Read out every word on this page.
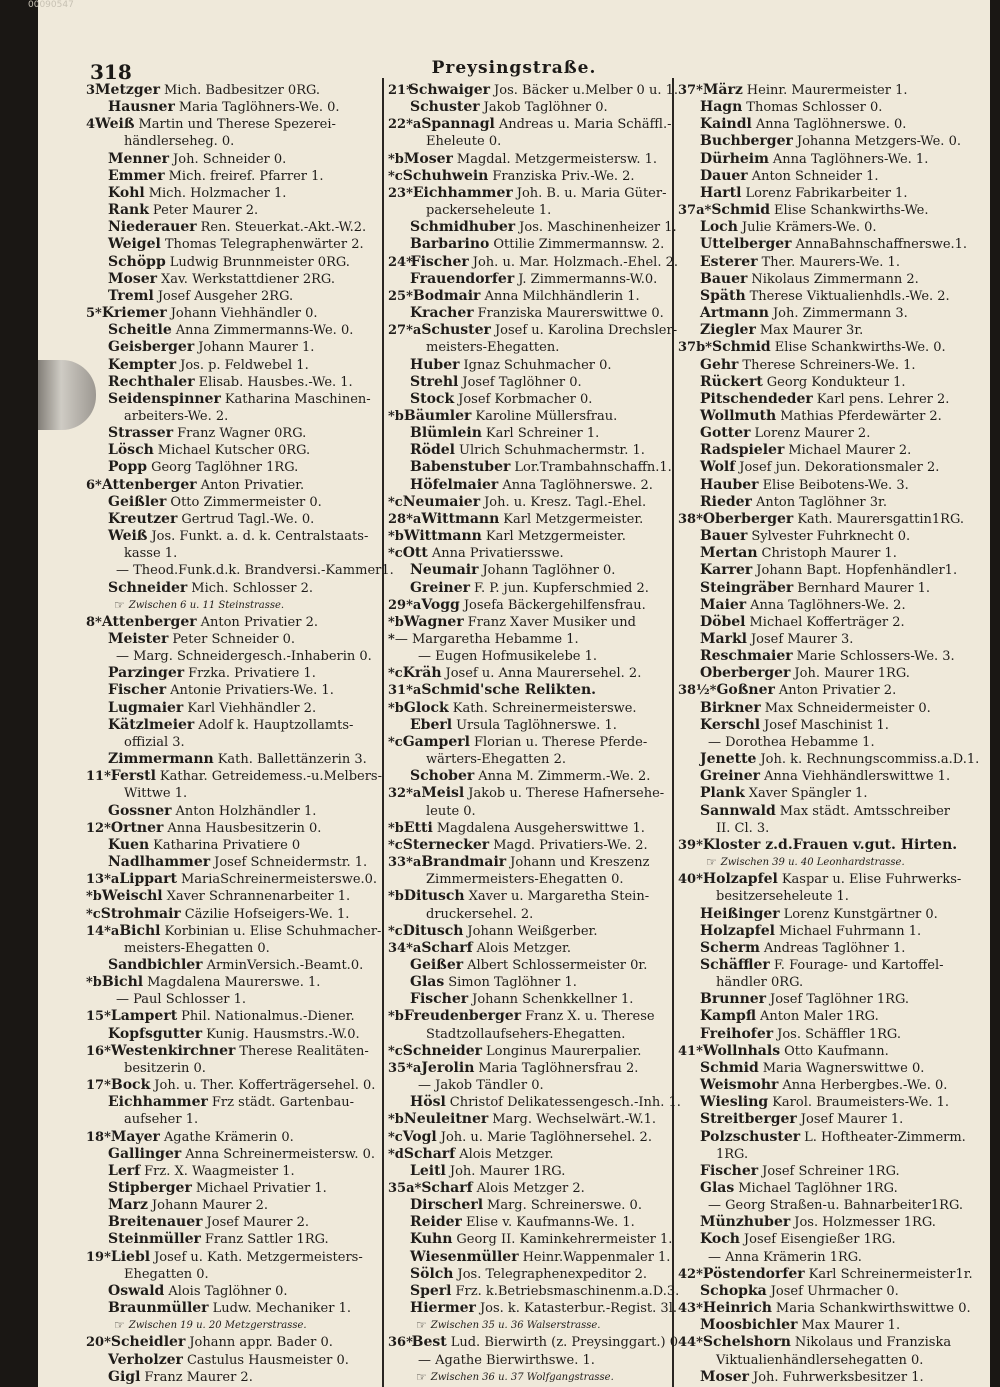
00090547
318	Preysingstraße.
3 Metzger Mich. Badbesitzer 0RG.
Hausner Maria Taglöhners-We. 0.
4 Weiß Martin und Therese Spezerei-
händlerseheg. 0.
Menner Joh. Schneider 0.
Emmer Mich. freiref. Pfarrer 1.
Kohl Mich. Holzmacher 1.
Rank Peter Maurer 2.
Niederauer Ren. Steuerkat.-Akt.-W.2.
Weigel Thomas Telegraphenwärter 2.
Schöpp Ludwig Brunnmeister 0RG.
Moser Xav. Werkstattdiener 2RG.
Treml Josef Ausgeher 2RG.
5* Kriemer Johann Viehhändler 0.
Scheitle Anna Zimmermanns-We. 0.
Geisberger Johann Maurer 1.
Kempter Jos. p. Feldwebel 1.
Rechthaler Elisab. Hausbes.-We. 1.
Seidenspinner Katharina Maschinen-
arbeiters-We. 2.
Strasser Franz Wagner 0RG.
Lösch Michael Kutscher 0RG.
Popp Georg Taglöhner 1RG.
6* Attenberger Anton Privatier.
Geißler Otto Zimmermeister 0.
Kreutzer Gertrud Tagl.-We. 0.
Weiß Jos. Funkt. a. d. k. Centralstaats-
kasse 1.
— Theod.Funk.d.k. Brandversi.-Kammer1.
Schneider Mich. Schlosser 2.
☞ Zwischen 6 u. 11 Steinstrasse.
8* Attenberger Anton Privatier 2.
Meister Peter Schneider 0.
— Marg. Schneidergesch.-Inhaberin 0.
Parzinger Frzka. Privatiere 1.
Fischer Antonie Privatiers-We. 1.
Lugmaier Karl Viehhändler 2.
Kätzlmeier Adolf k. Hauptzollamts-
offizial 3.
Zimmermann Kath. Ballettänzerin 3.
11* Ferstl Kathar. Getreidemess.-u.Melbers-
Wittwe 1.
Gossner Anton Holzhändler 1.
12* Ortner Anna Hausbesitzerin 0.
Kuen Katharina Privatiere 0
Nadlhammer Josef Schneidermstr. 1.
13*a Lippart MariaSchreinermeisterswe.0.
*b Weischl Xaver Schrannenarbeiter 1.
*c Strohmair Cäzilie Hofseigers-We. 1.
14*a Bichl Korbinian u. Elise Schuhmacher-
meisters-Ehegatten 0.
Sandbichler ArminVersich.-Beamt.0.
*b Bichl Magdalena Maurerswe. 1.
— Paul Schlosser 1.
15* Lampert Phil. Nationalmus.-Diener.
Kopfsgutter Kunig. Hausmstrs.-W.0.
16* Westenkirchner Therese Realitäten-
besitzerin 0.
17* Bock Joh. u. Ther. Kofferträgersehel. 0.
Eichhammer Frz städt. Gartenbau-
aufseher 1.
18* Mayer Agathe Krämerin 0.
Gallinger Anna Schreinermeistersw. 0.
Lerf Frz. X. Waagmeister 1.
Stipberger Michael Privatier 1.
Marz Johann Maurer 2.
Breitenauer Josef Maurer 2.
Steinmüller Franz Sattler 1RG.
19* Liebl Josef u. Kath. Metzgermeisters-
Ehegatten 0.
Oswald Alois Taglöhner 0.
Braunmüller Ludw. Mechaniker 1.
☞ Zwischen 19 u. 20 Metzgerstrasse.
20* Scheidler Johann appr. Bader 0.
Verholzer Castulus Hausmeister 0.
Gigl Franz Maurer 2.
21*
Schwaiger Jos. Bäcker u.Melber 0 u. 1.
Schuster Jakob Taglöhner 0.
22*a Spannagl Andreas u. Maria Schäffl.-
Eheleute 0.
*b Moser Magdal. Metzgermeistersw. 1.
*c Schuhwein Franziska Priv.-We. 2.
23* Eichhammer Joh. B. u. Maria Güter-
packerseheleute 1.
Schmidhuber Jos. Maschinenheizer 1.
Barbarino Ottilie Zimmermannsw. 2.
24*
Fischer Joh. u. Mar. Holzmach.-Ehel. 2.
Frauendorfer J. Zimmermanns-W.0.
25* Bodmair Anna Milchhändlerin 1.
Kracher Franziska Maurerswittwe 0.
27*a Schuster Josef u. Karolina Drechsler-
meisters-Ehegatten.
Huber Ignaz Schuhmacher 0.
Strehl Josef Taglöhner 0.
Stock Josef Korbmacher 0.
*b Bäumler Karoline Müllersfrau.
Blümlein Karl Schreiner 1.
Rödel Ulrich Schuhmachermstr. 1.
Babenstuber Lor.Trambahnschaffn.1.
Höfelmaier Anna Taglöhnerswe. 2.
*c Neumaier Joh. u. Kresz. Tagl.-Ehel.
28*a Wittmann Karl Metzgermeister.
*b Wittmann Karl Metzgermeister.
*c Ott Anna Privatiersswe.
Neumair Johann Taglöhner 0.
Greiner F. P. jun. Kupferschmied 2.
29*a Vogg Josefa Bäckergehilfensfrau.
*b Wagner Franz Xaver Musiker und
* — Margaretha Hebamme 1.
— Eugen Hofmusikelebe 1.
*c Kräh Josef u. Anna Maurersehel. 2.
31*a Schmid'sche Relikten.
*b Glock Kath. Schreinermeisterswe.
Eberl Ursula Taglöhnerswe. 1.
*c Gamperl Florian u. Therese Pferde-
wärters-Ehegatten 2.
Schober Anna M. Zimmerm.-We. 2.
32*a Meisl Jakob u. Therese Hafnersehe-
leute 0.
*b Etti Magdalena Ausgeherswittwe 1.
*c Sternecker Magd. Privatiers-We. 2.
33*a Brandmair Johann und Kreszenz
Zimmermeisters-Ehegatten 0.
*b Ditusch Xaver u. Margaretha Stein-
druckersehel. 2.
*c Ditusch Johann Weißgerber.
34*a Scharf Alois Metzger.
Geißer Albert Schlossermeister 0r.
Glas Simon Taglöhner 1.
Fischer Johann Schenkkellner 1.
*b Freudenberger Franz X. u. Therese
Stadtzollaufsehers-Ehegatten.
*c Schneider Longinus Maurerpalier.
35*a Jerolin Maria Taglöhnersfrau 2.
— Jakob Tändler 0.
Hösl Christof Delikatessengesch.-Inh. 1.
*b Neuleitner Marg. Wechselwärt.-W.1.
*c Vogl Joh. u. Marie Taglöhnersehel. 2.
*d Scharf Alois Metzger.
Leitl Joh. Maurer 1RG.
35a* Scharf Alois Metzger 2.
Dirscherl Marg. Schreinerswe. 0.
Reider Elise v. Kaufmanns-We. 1.
Kuhn Georg II. Kaminkehrermeister 1.
Wiesenmüller Heinr.Wappenmaler 1.
Sölch Jos. Telegraphenexpeditor 2.
Sperl Frz. k.Betriebsmaschinenm.a.D.3.
Hiermer Jos. k. Katasterbur.-Regist. 3l.
☞ Zwischen 35 u. 36 Walserstrasse.
36*
Best Lud. Bierwirth (z. Preysinggart.) 0
— Agathe Bierwirthswe. 1.
☞ Zwischen 36 u. 37 Wolfgangstrasse.
37* März Heinr. Maurermeister 1.
Hagn Thomas Schlosser 0.
Kaindl Anna Taglöhnerswe. 0.
Buchberger Johanna Metzgers-We. 0.
Dürheim Anna Taglöhners-We. 1.
Dauer Anton Schneider 1.
Hartl Lorenz Fabrikarbeiter 1.
37a* Schmid Elise Schankwirths-We.
Loch Julie Krämers-We. 0.
Uttelberger AnnaBahnschaffnerswe.1.
Esterer Ther. Maurers-We. 1.
Bauer Nikolaus Zimmermann 2.
Späth Therese Viktualienhdls.-We. 2.
Artmann Joh. Zimmermann 3.
Ziegler Max Maurer 3r.
37b* Schmid Elise Schankwirths-We. 0.
Gehr Therese Schreiners-We. 1.
Rückert Georg Kondukteur 1.
Pitschendeder Karl pens. Lehrer 2.
Wollmuth Mathias Pferdewärter 2.
Gotter Lorenz Maurer 2.
Radspieler Michael Maurer 2.
Wolf Josef jun. Dekorationsmaler 2.
Hauber Elise Beibotens-We. 3.
Rieder Anton Taglöhner 3r.
38* Oberberger Kath. Maurersgattin1RG.
Bauer Sylvester Fuhrknecht 0.
Mertan Christoph Maurer 1.
Karrer Johann Bapt. Hopfenhändler1.
Steingräber Bernhard Maurer 1.
Maier Anna Taglöhners-We. 2.
Döbel Michael Kofferträger 2.
Markl Josef Maurer 3.
Reschmaier Marie Schlossers-We. 3.
Oberberger Joh. Maurer 1RG.
38½* Goßner Anton Privatier 2.
Birkner Max Schneidermeister 0.
Kerschl Josef Maschinist 1.
— Dorothea Hebamme 1.
Jenette Joh. k. Rechnungscommiss.a.D.1.
Greiner Anna Viehhändlerswittwe 1.
Plank Xaver Spängler 1.
Sannwald Max städt. Amtsschreiber
II. Cl. 3.
39* Kloster z.d.Frauen v.gut. Hirten.
☞ Zwischen 39 u. 40 Leonhardstrasse.
40* Holzapfel Kaspar u. Elise Fuhrwerks-
besitzerseheleute 1.
Heißinger Lorenz Kunstgärtner 0.
Holzapfel Michael Fuhrmann 1.
Scherm Andreas Taglöhner 1.
Schäffler F. Fourage- und Kartoffel-
händler 0RG.
Brunner Josef Taglöhner 1RG.
Kampfl Anton Maler 1RG.
Freihofer Jos. Schäffler 1RG.
41* Wollnhals Otto Kaufmann.
Schmid Maria Wagnerswittwe 0.
Weismohr Anna Herbergbes.-We. 0.
Wiesling Karol. Braumeisters-We. 1.
Streitberger Josef Maurer 1.
Polzschuster L. Hoftheater-Zimmerm.
1RG.
Fischer Josef Schreiner 1RG.
Glas Michael Taglöhner 1RG.
— Georg Straßen-u. Bahnarbeiter1RG.
Münzhuber Jos. Holzmesser 1RG.
Koch Josef Eisengießer 1RG.
— Anna Krämerin 1RG.
42* Pöstendorfer Karl Schreinermeister1r.
Schopka Josef Uhrmacher 0.
43* Heinrich Maria Schankwirthswittwe 0.
Moosbichler Max Maurer 1.
44* Schelshorn Nikolaus und Franziska
Viktualienhändlersehegatten 0.
Moser Joh. Fuhrwerksbesitzer 1.
